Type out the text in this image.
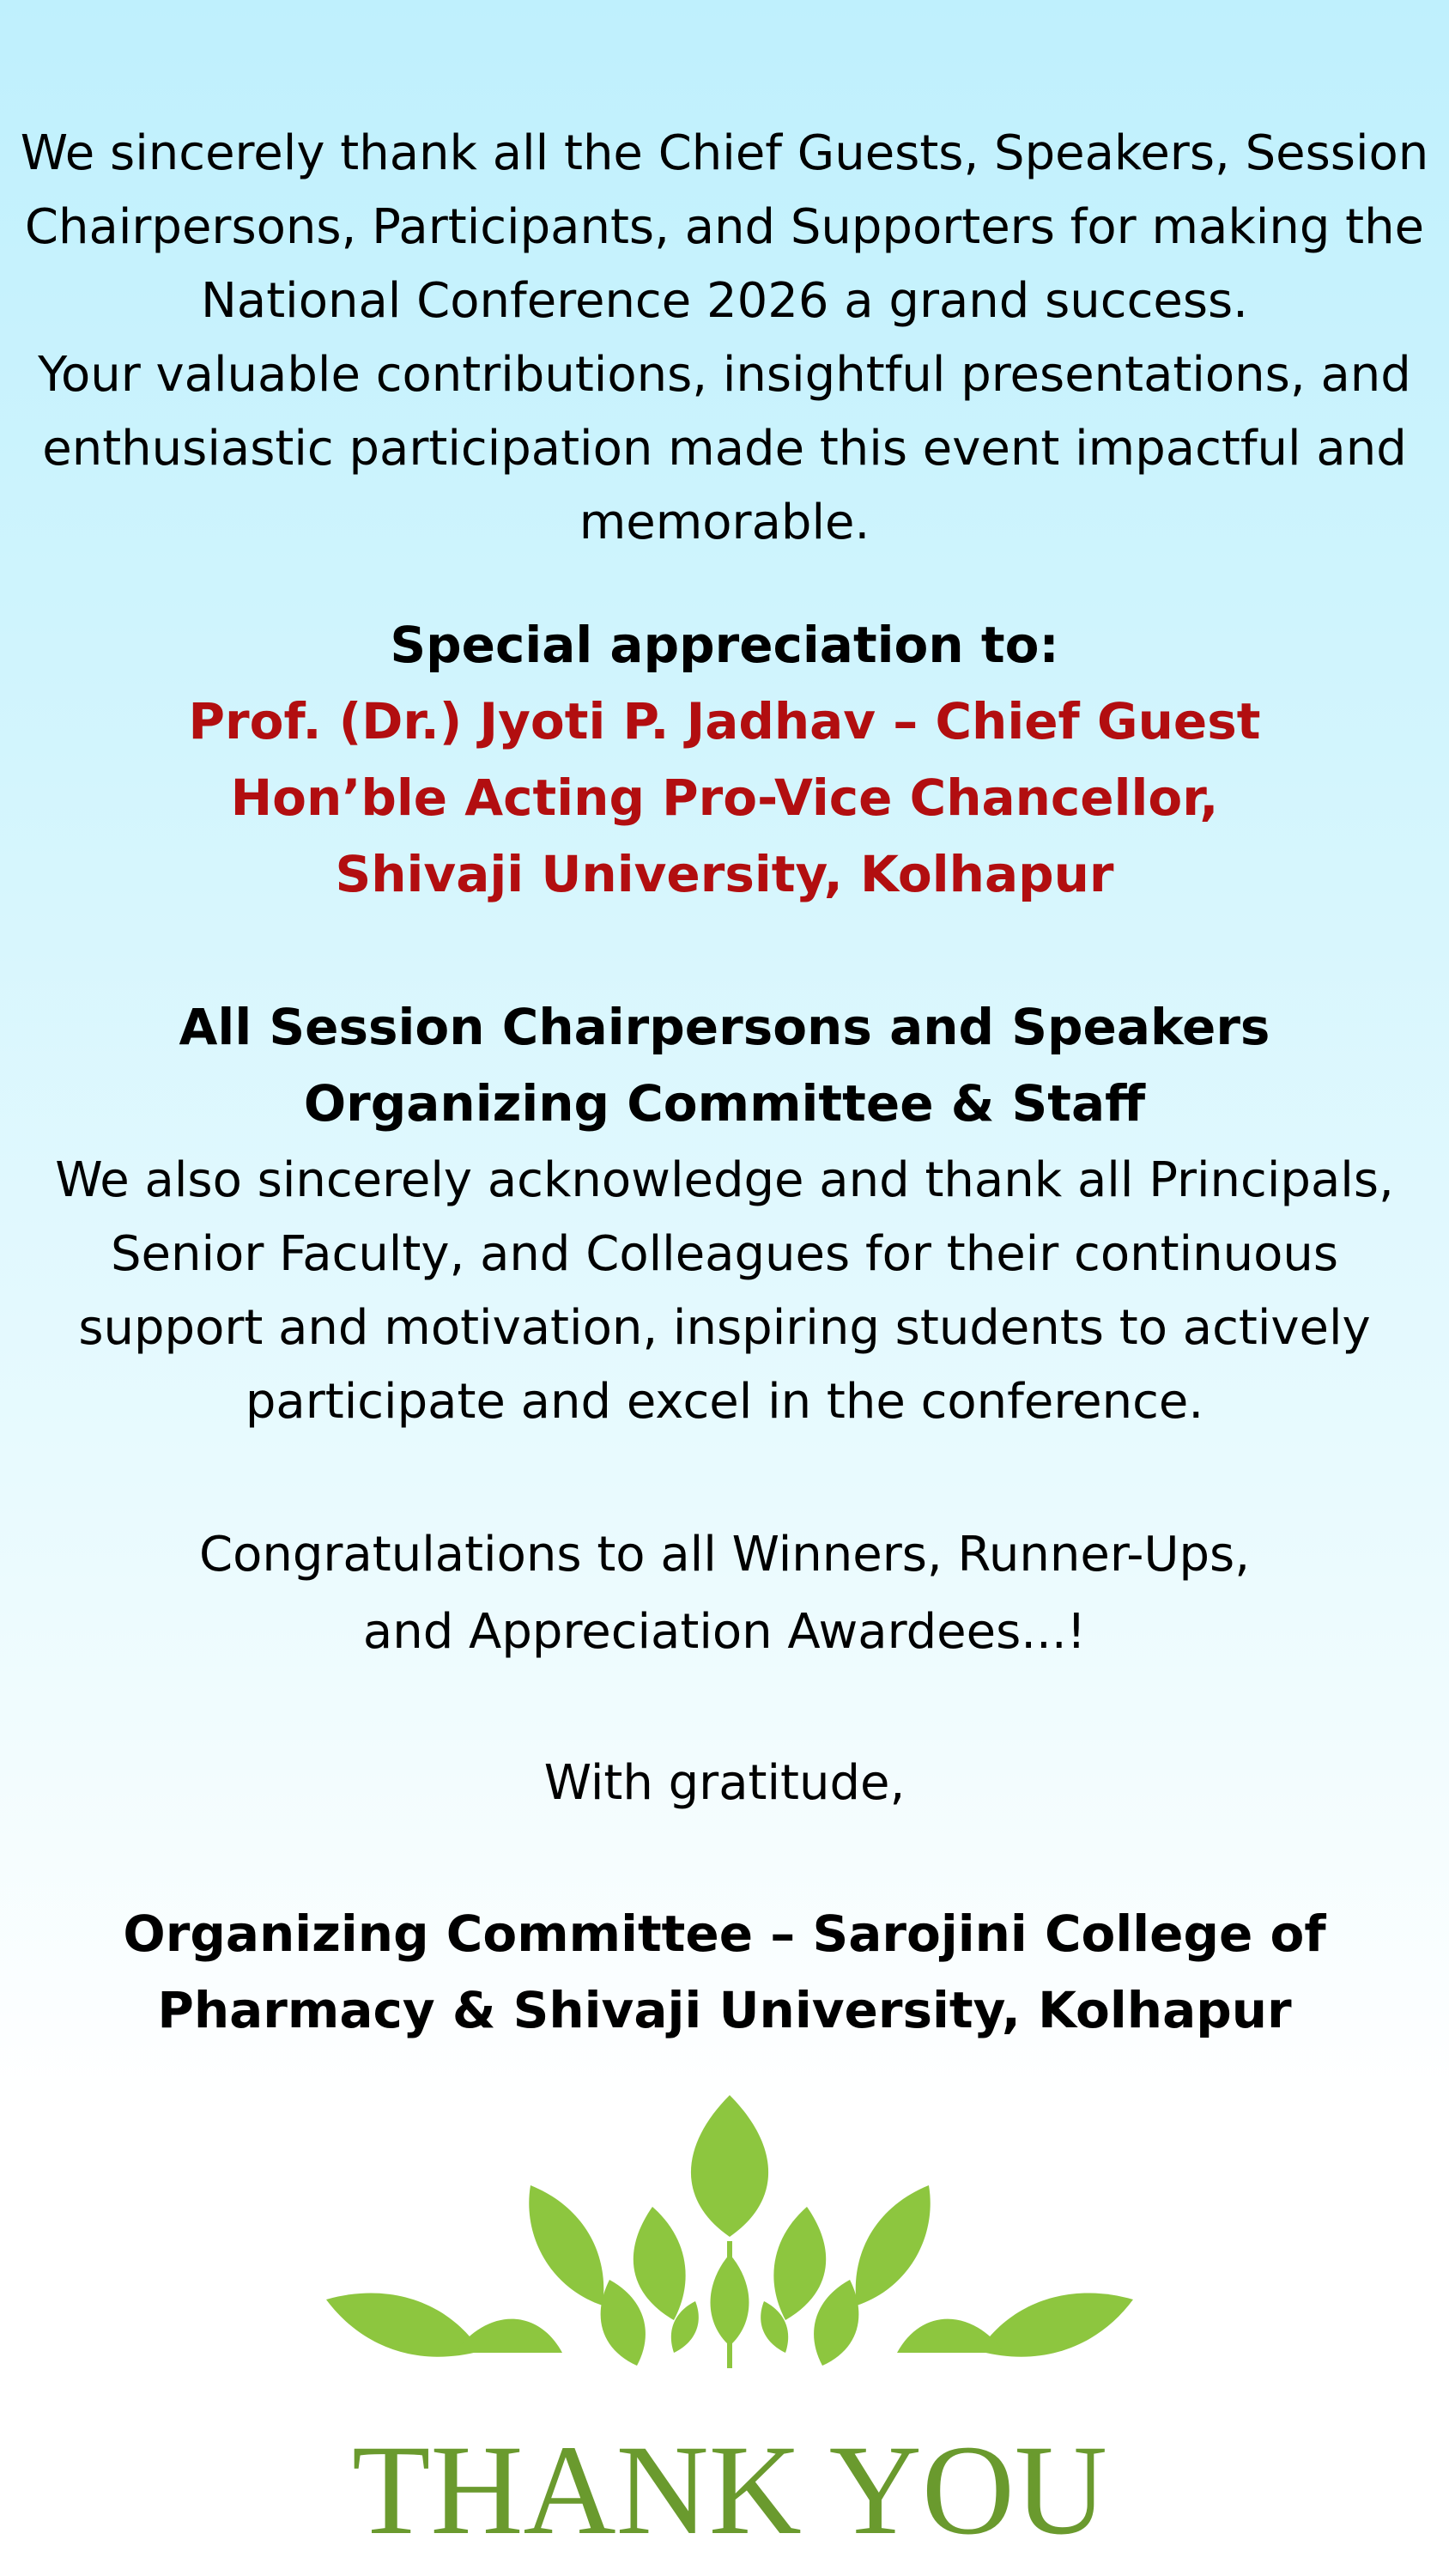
We sincerely thank all the Chief Guests, Speakers, Session
Chairpersons, Participants, and Supporters for making the
National Conference 2026 a grand success.
Your valuable contributions, insightful presentations, and
enthusiastic participation made this event impactful and
memorable.

Special appreciation to:

Prof. (Dr.) Jyoti P. Jadhav – Chief Guest
Hon’ble Acting Pro-Vice Chancellor,
Shivaji University, Kolhapur

All Session Chairpersons and Speakers
Organizing Committee & Staff

We also sincerely acknowledge and thank all Principals,
Senior Faculty, and Colleagues for their continuous
support and motivation, inspiring students to actively
participate and excel in the conference.

Congratulations to all Winners, Runner-Ups,
and Appreciation Awardees...!

With gratitude,

Organizing Committee – Sarojini College of
Pharmacy & Shivaji University, Kolhapur

THANK YOU
